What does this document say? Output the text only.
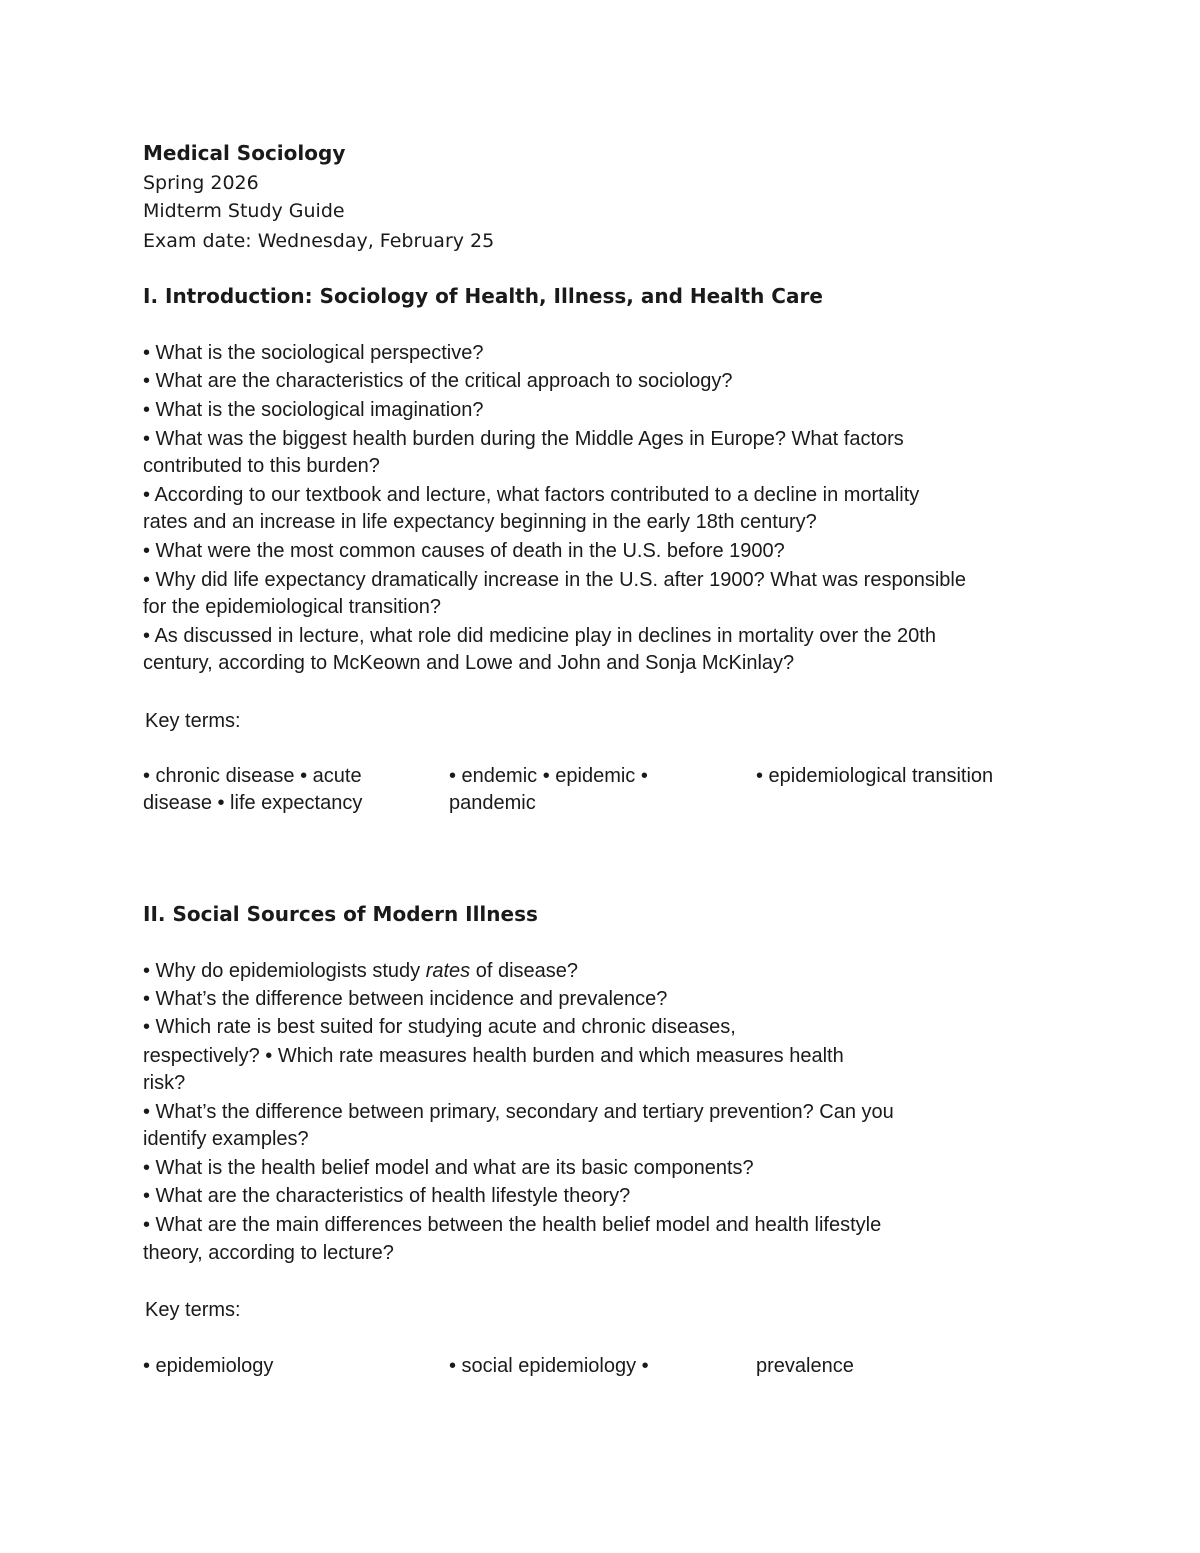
Medical Sociology
Spring 2026
Midterm Study Guide
Exam date: Wednesday, February 25
I. Introduction: Sociology of Health, Illness, and Health Care
• What is the sociological perspective?
• What are the characteristics of the critical approach to sociology?
• What is the sociological imagination?
• What was the biggest health burden during the Middle Ages in Europe? What factors
contributed to this burden?
• According to our textbook and lecture, what factors contributed to a decline in mortality
rates and an increase in life expectancy beginning in the early 18th century?
• What were the most common causes of death in the U.S. before 1900?
• Why did life expectancy dramatically increase in the U.S. after 1900? What was responsible
for the epidemiological transition?
• As discussed in lecture, what role did medicine play in declines in mortality over the 20th
century, according to McKeown and Lowe and John and Sonja McKinlay?
Key terms:
• chronic disease • acute
disease • life expectancy
• endemic • epidemic •
pandemic
• epidemiological transition
II. Social Sources of Modern Illness
• Why do epidemiologists study rates of disease?
• What’s the difference between incidence and prevalence?
• Which rate is best suited for studying acute and chronic diseases,
respectively? • Which rate measures health burden and which measures health
risk?
• What’s the difference between primary, secondary and tertiary prevention? Can you
identify examples?
• What is the health belief model and what are its basic components?
• What are the characteristics of health lifestyle theory?
• What are the main differences between the health belief model and health lifestyle
theory, according to lecture?
Key terms:
• epidemiology	• social epidemiology •	prevalence
